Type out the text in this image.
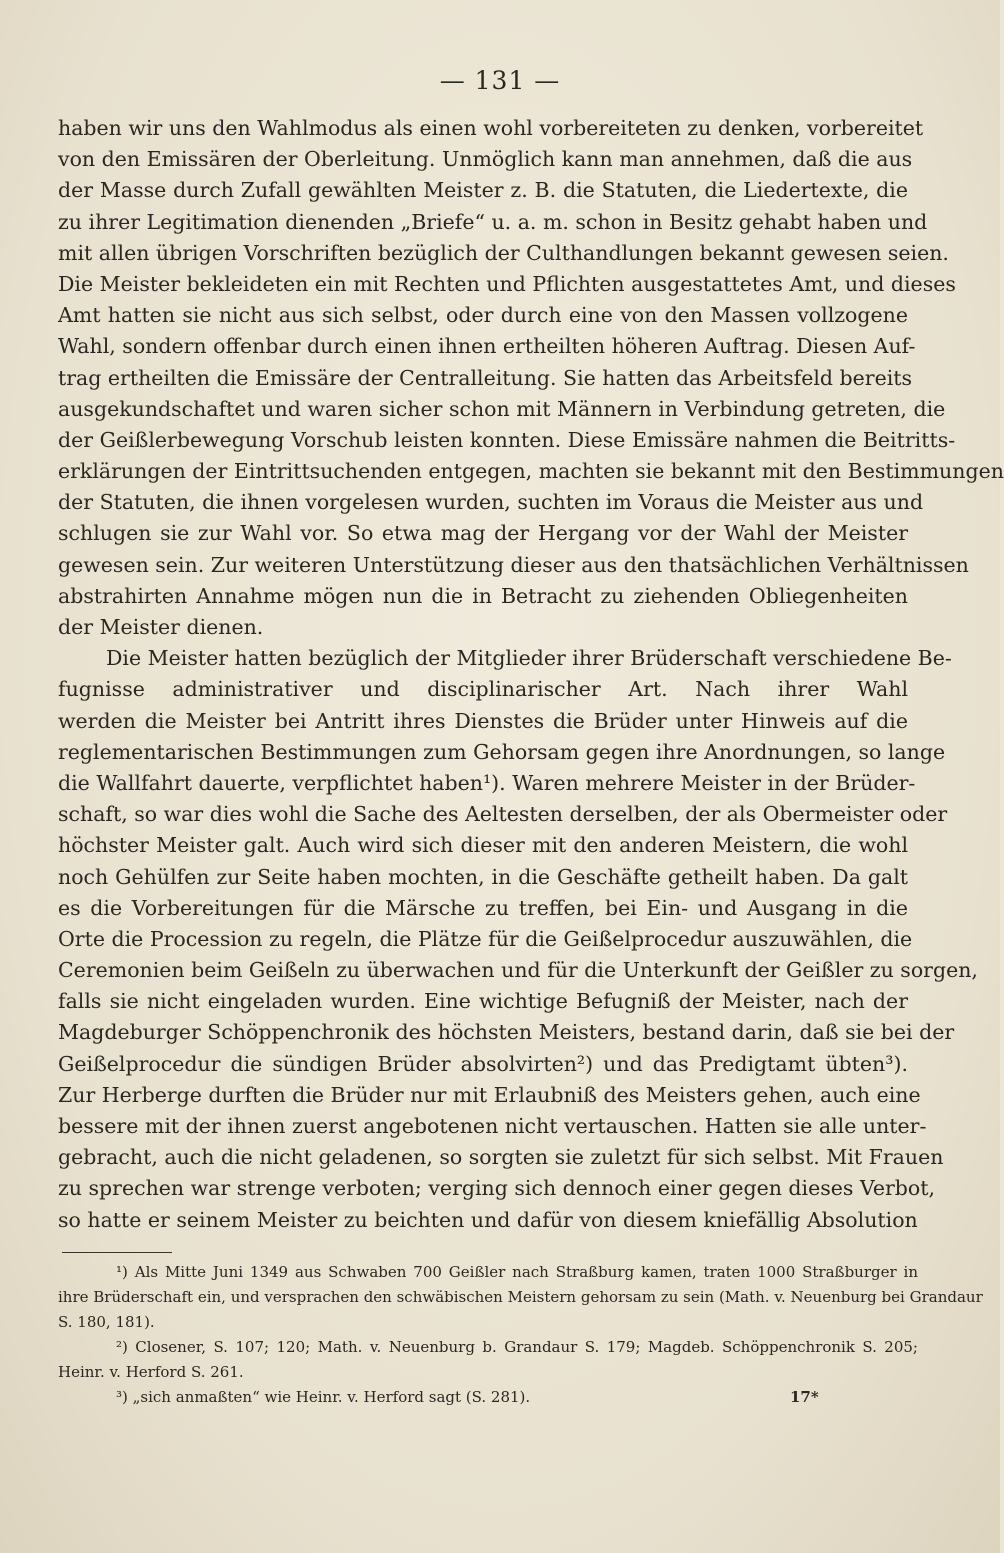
— 131 —
haben wir uns den Wahlmodus als einen wohl vorbereiteten zu denken, vorbereitet
von den Emissären der Oberleitung. Unmöglich kann man annehmen, daß die aus
der Masse durch Zufall gewählten Meister z. B. die Statuten, die Liedertexte, die
zu ihrer Legitimation dienenden „Briefe“ u. a. m. schon in Besitz gehabt haben und
mit allen übrigen Vorschriften bezüglich der Culthandlungen bekannt gewesen seien.
Die Meister bekleideten ein mit Rechten und Pflichten ausgestattetes Amt, und dieses
Amt hatten sie nicht aus sich selbst, oder durch eine von den Massen vollzogene
Wahl, sondern offenbar durch einen ihnen ertheilten höheren Auftrag. Diesen Auf-
trag ertheilten die Emissäre der Centralleitung. Sie hatten das Arbeitsfeld bereits
ausgekundschaftet und waren sicher schon mit Männern in Verbindung getreten, die
der Geißlerbewegung Vorschub leisten konnten. Diese Emissäre nahmen die Beitritts-
erklärungen der Eintrittsuchenden entgegen, machten sie bekannt mit den Bestimmungen
der Statuten, die ihnen vorgelesen wurden, suchten im Voraus die Meister aus und
schlugen sie zur Wahl vor. So etwa mag der Hergang vor der Wahl der Meister
gewesen sein. Zur weiteren Unterstützung dieser aus den thatsächlichen Verhältnissen
abstrahirten Annahme mögen nun die in Betracht zu ziehenden Obliegenheiten
der Meister dienen.
Die Meister hatten bezüglich der Mitglieder ihrer Brüderschaft verschiedene Be-
fugnisse administrativer und disciplinarischer Art. Nach ihrer Wahl
werden die Meister bei Antritt ihres Dienstes die Brüder unter Hinweis auf die
reglementarischen Bestimmungen zum Gehorsam gegen ihre Anordnungen, so lange
die Wallfahrt dauerte, verpflichtet haben¹). Waren mehrere Meister in der Brüder-
schaft, so war dies wohl die Sache des Aeltesten derselben, der als Obermeister oder
höchster Meister galt. Auch wird sich dieser mit den anderen Meistern, die wohl
noch Gehülfen zur Seite haben mochten, in die Geschäfte getheilt haben. Da galt
es die Vorbereitungen für die Märsche zu treffen, bei Ein- und Ausgang in die
Orte die Procession zu regeln, die Plätze für die Geißelprocedur auszuwählen, die
Ceremonien beim Geißeln zu überwachen und für die Unterkunft der Geißler zu sorgen,
falls sie nicht eingeladen wurden. Eine wichtige Befugniß der Meister, nach der
Magdeburger Schöppenchronik des höchsten Meisters, bestand darin, daß sie bei der
Geißelprocedur die sündigen Brüder absolvirten²) und das Predigtamt übten³).
Zur Herberge durften die Brüder nur mit Erlaubniß des Meisters gehen, auch eine
bessere mit der ihnen zuerst angebotenen nicht vertauschen. Hatten sie alle unter-
gebracht, auch die nicht geladenen, so sorgten sie zuletzt für sich selbst. Mit Frauen
zu sprechen war strenge verboten; verging sich dennoch einer gegen dieses Verbot,
so hatte er seinem Meister zu beichten und dafür von diesem kniefällig Absolution
¹) Als Mitte Juni 1349 aus Schwaben 700 Geißler nach Straßburg kamen, traten 1000 Straßburger in
ihre Brüderschaft ein, und versprachen den schwäbischen Meistern gehorsam zu sein (Math. v. Neuenburg bei Grandaur
S. 180, 181).
²) Closener, S. 107; 120; Math. v. Neuenburg b. Grandaur S. 179; Magdeb. Schöppenchronik S. 205;
Heinr. v. Herford S. 261.
³) „sich anmaßten“ wie Heinr. v. Herford sagt (S. 281).	17*
